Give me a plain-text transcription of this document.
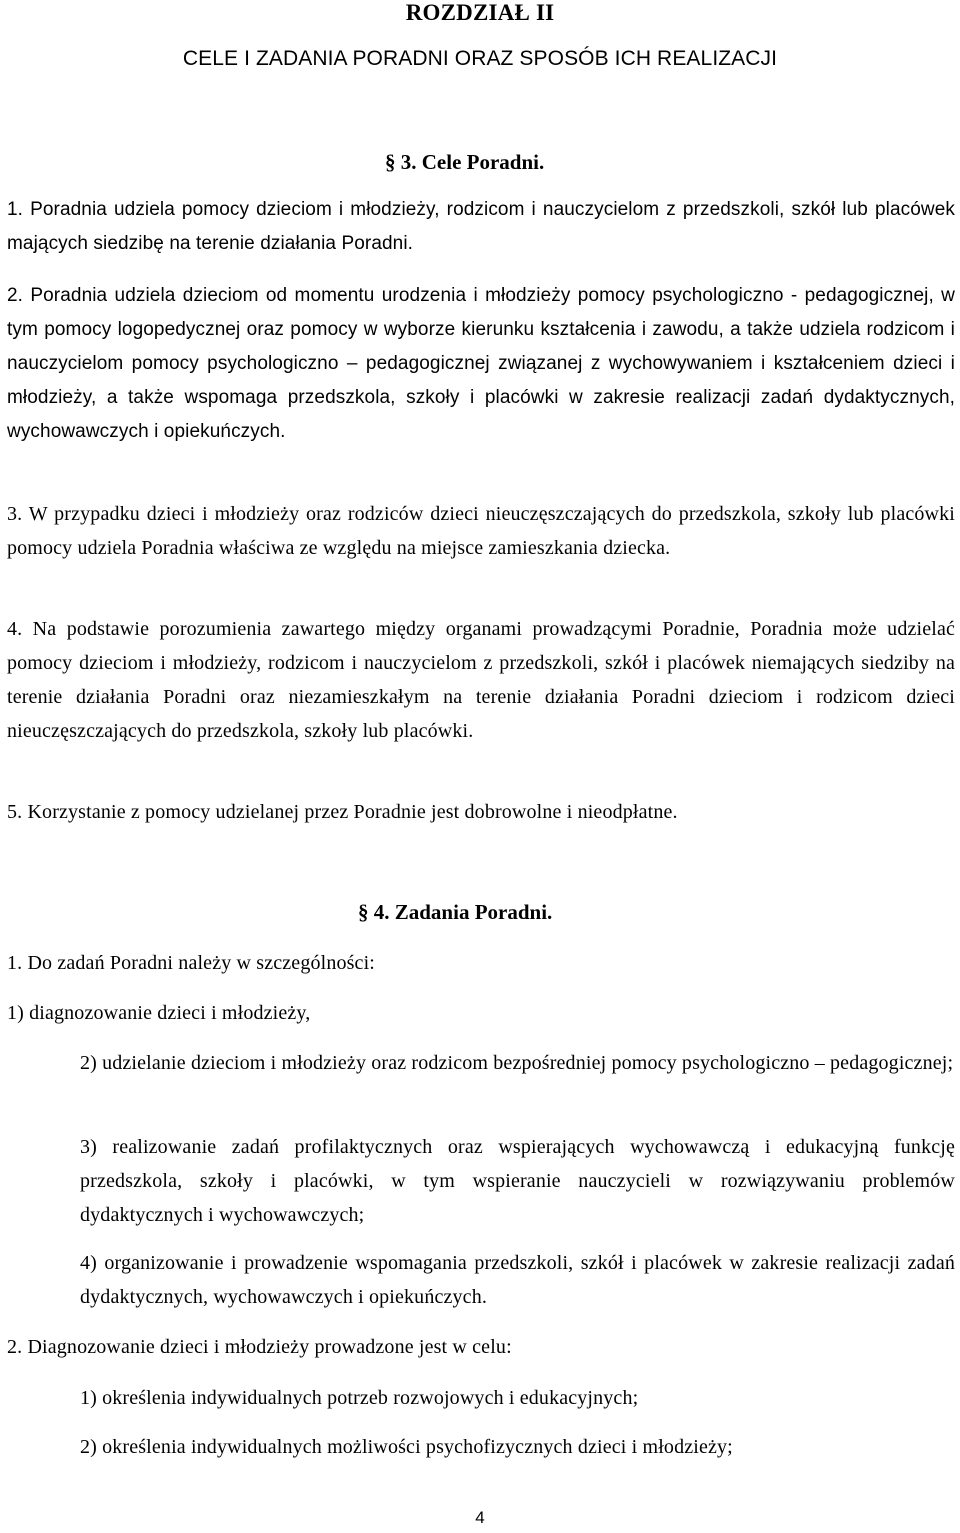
ROZDZIAŁ II

CELE I ZADANIA PORADNI ORAZ SPOSÓB ICH REALIZACJI

§ 3. Cele Poradni.

1. Poradnia udziela pomocy dzieciom i młodzieży, rodzicom i nauczycielom z przedszkoli, szkół lub placówek mających siedzibę na terenie działania Poradni.

2. Poradnia udziela dzieciom od momentu urodzenia i młodzieży pomocy psychologiczno - pedagogicznej, w tym pomocy logopedycznej oraz pomocy w wyborze kierunku kształcenia i zawodu, a także udziela rodzicom i nauczycielom pomocy psychologiczno – pedagogicznej związanej z wychowywaniem i kształceniem dzieci i młodzieży, a także wspomaga przedszkola, szkoły i placówki w zakresie realizacji zadań dydaktycznych, wychowawczych i opiekuńczych.

3. W przypadku dzieci i młodzieży oraz rodziców dzieci nieuczęszczających do przedszkola, szkoły lub placówki pomocy udziela Poradnia właściwa ze względu na miejsce zamieszkania dziecka.

4. Na podstawie porozumienia zawartego między organami prowadzącymi Poradnie, Poradnia może udzielać pomocy dzieciom i młodzieży, rodzicom i nauczycielom z przedszkoli, szkół i placówek niemających siedziby na terenie działania Poradni oraz niezamieszkałym na terenie działania Poradni dzieciom i rodzicom dzieci nieuczęszczających do przedszkola, szkoły lub placówki.

5. Korzystanie z pomocy udzielanej przez Poradnie jest dobrowolne i nieodpłatne.

§ 4. Zadania Poradni.

1. Do zadań Poradni należy w szczególności:

1) diagnozowanie dzieci i młodzieży,

2) udzielanie dzieciom i młodzieży oraz rodzicom bezpośredniej pomocy psychologiczno – pedagogicznej;

3) realizowanie zadań profilaktycznych oraz wspierających wychowawczą i edukacyjną funkcję przedszkola, szkoły i placówki, w tym wspieranie nauczycieli w rozwiązywaniu problemów dydaktycznych i wychowawczych;

4) organizowanie i prowadzenie wspomagania przedszkoli, szkół i placówek w zakresie realizacji zadań dydaktycznych, wychowawczych i opiekuńczych.

2. Diagnozowanie dzieci i młodzieży prowadzone jest w celu:

1) określenia indywidualnych potrzeb rozwojowych i edukacyjnych;

2) określenia indywidualnych możliwości psychofizycznych dzieci i młodzieży;

4
